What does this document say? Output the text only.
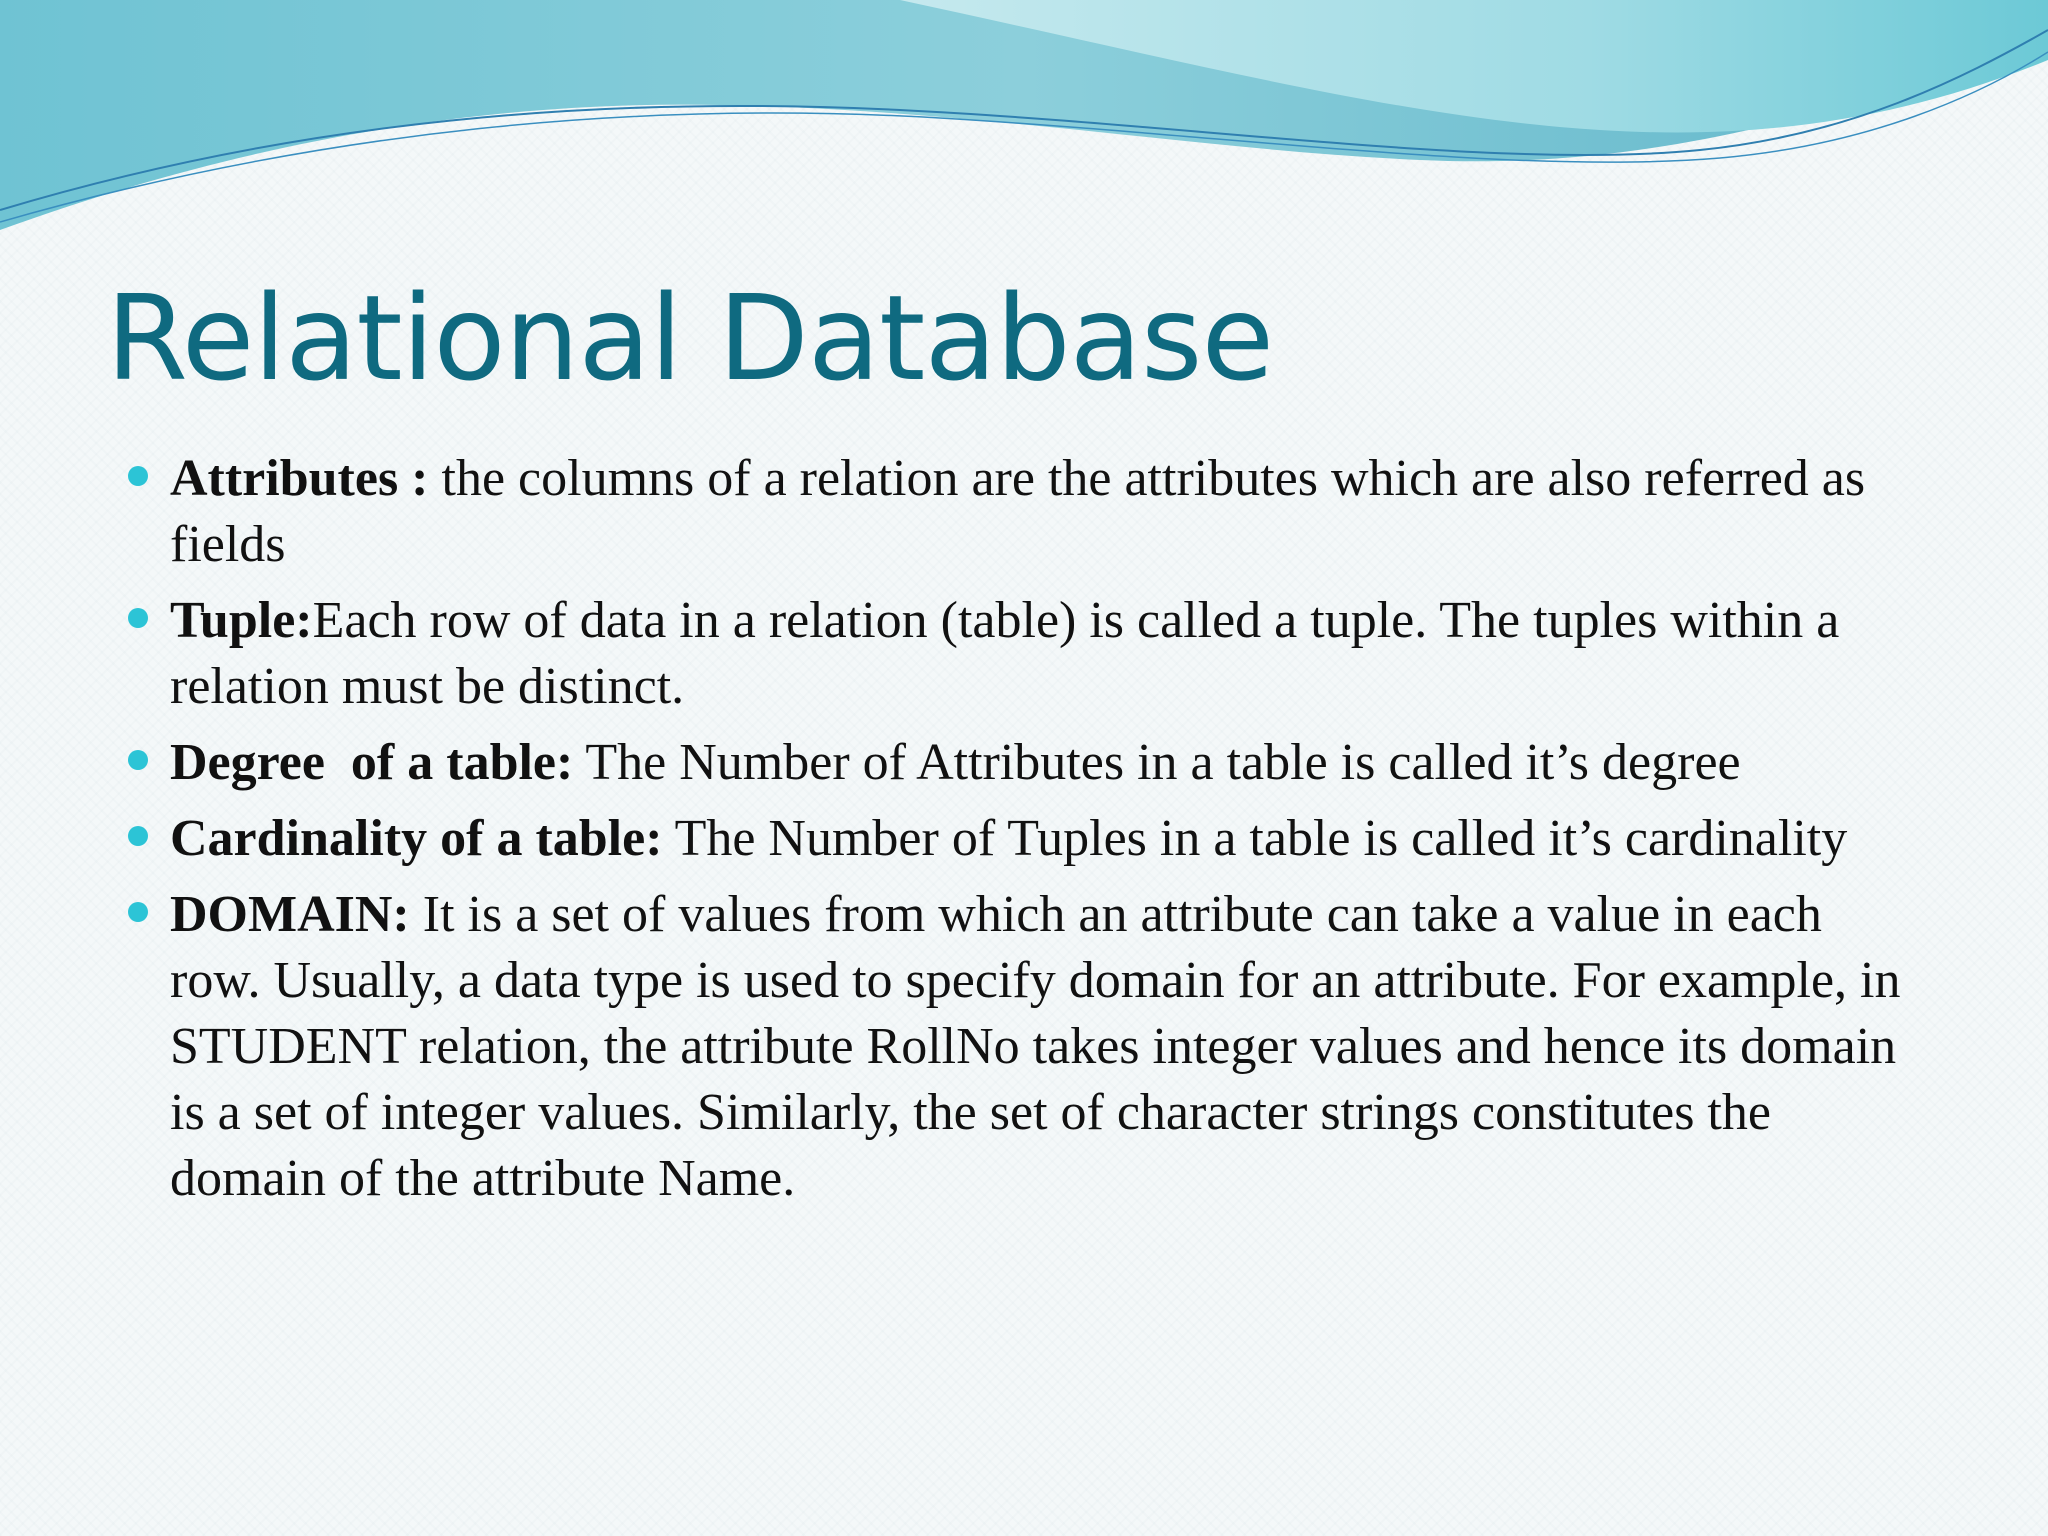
Relational Database
Attributes : the columns of a relation are the attributes which are also referred as fields
Tuple:Each row of data in a relation (table) is called a tuple. The tuples within a relation must be distinct.
Degree  of a table: The Number of Attributes in a table is called it’s degree
Cardinality of a table: The Number of Tuples in a table is called it’s cardinality
DOMAIN: It is a set of values from which an attribute can take a value in each row. Usually, a data type is used to specify domain for an attribute. For example, in STUDENT relation, the attribute RollNo takes integer values and hence its domain is a set of integer values. Similarly, the set of character strings constitutes the domain of the attribute Name.
